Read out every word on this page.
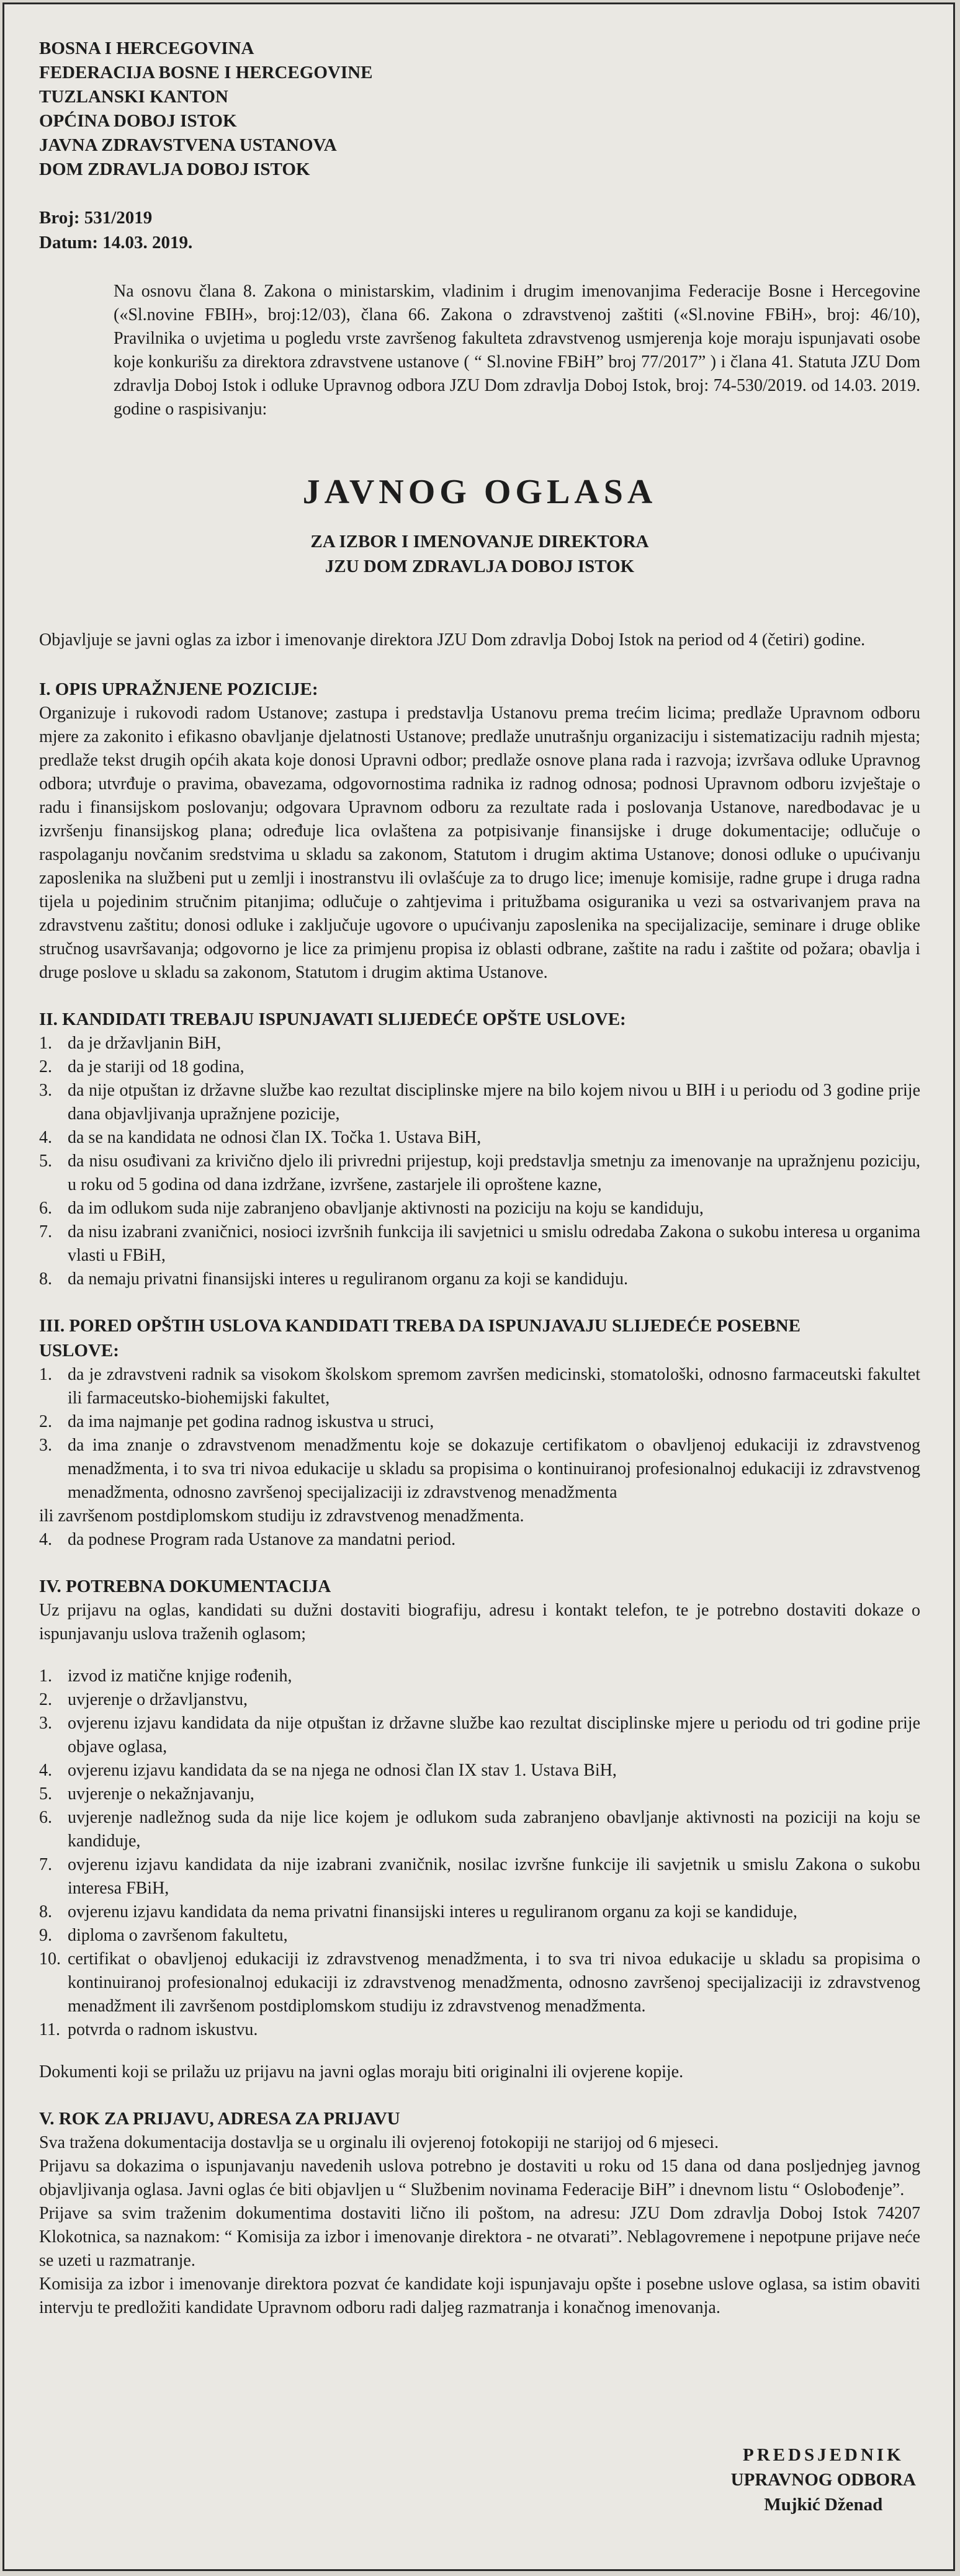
BOSNA I HERCEGOVINA
FEDERACIJA BOSNE I HERCEGOVINE
TUZLANSKI KANTON
OPĆINA DOBOJ ISTOK
JAVNA ZDRAVSTVENA USTANOVA
DOM ZDRAVLJA DOBOJ ISTOK
Broj: 531/2019
Datum: 14.03. 2019.

Na osnovu člana 8. Zakona o ministarskim, vladinim i drugim imenovanjima Federacije Bosne i Hercegovine («Sl.novine FBIH», broj:12/03), člana 66. Zakona o zdravstvenoj zaštiti («Sl.novine FBiH», broj: 46/10), Pravilnika o uvjetima u pogledu vrste završenog fakulteta zdravstvenog usmjerenja koje moraju ispunjavati osobe koje konkurišu za direktora zdravstvene ustanove ( “ Sl.novine FBiH” broj 77/2017” ) i člana 41. Statuta JZU Dom zdravlja Doboj Istok i odluke Upravnog odbora JZU Dom zdravlja Doboj Istok, broj: 74-530/2019. od 14.03. 2019. godine o raspisivanju:

JAVNOG OGLASA
ZA IZBOR I IMENOVANJE DIREKTORA
JZU DOM ZDRAVLJA DOBOJ ISTOK

Objavljuje se javni oglas za izbor i imenovanje direktora JZU Dom zdravlja Doboj Istok na period od 4 (četiri) godine.

I. OPIS UPRAŽNJENE POZICIJE:

Organizuje i rukovodi radom Ustanove; zastupa i predstavlja Ustanovu prema trećim licima; predlaže Upravnom odboru mjere za zakonito i efikasno obavljanje djelatnosti Ustanove; predlaže unutrašnju organizaciju i sistematizaciju radnih mjesta; predlaže tekst drugih općih akata koje donosi Upravni odbor; predlaže osnove plana rada i razvoja; izvršava odluke Upravnog odbora; utvrđuje o pravima, obavezama, odgovornostima radnika iz radnog odnosa; podnosi Upravnom odboru izvještaje o radu i finansijskom poslovanju; odgovara Upravnom odboru za rezultate rada i poslovanja Ustanove, naredbodavac je u izvršenju finansijskog plana; određuje lica ovlaštena za potpisivanje finansijske i druge dokumentacije; odlučuje o raspolaganju novčanim sredstvima u skladu sa zakonom, Statutom i drugim aktima Ustanove; donosi odluke o upućivanju zaposlenika na službeni put u zemlji i inostranstvu ili ovlašćuje za to drugo lice; imenuje komisije, radne grupe i druga radna tijela u pojedinim stručnim pitanjima; odlučuje o zahtjevima i pritužbama osiguranika u vezi sa ostvarivanjem prava na zdravstvenu zaštitu; donosi odluke i zaključuje ugovore o upućivanju zaposlenika na specijalizacije, seminare i druge oblike stručnog usavršavanja; odgovorno je lice za primjenu propisa iz oblasti odbrane, zaštite na radu i zaštite od požara; obavlja i druge poslove u skladu sa zakonom, Statutom i drugim aktima Ustanove.

II. KANDIDATI TREBAJU ISPUNJAVATI SLIJEDEĆE OPŠTE USLOVE:
1. da je državljanin BiH,
2. da je stariji od 18 godina,
3. da nije otpuštan iz državne službe kao rezultat disciplinske mjere na bilo kojem nivou u BIH i u periodu od 3 godine prije dana objavljivanja upražnjene pozicije,
4. da se na kandidata ne odnosi član IX. Točka 1. Ustava BiH,
5. da nisu osuđivani za krivično djelo ili privredni prijestup, koji predstavlja smetnju za imenovanje na upražnjenu poziciju, u roku od 5 godina od dana izdržane, izvršene, zastarjele ili oproštene kazne,
6. da im odlukom suda nije zabranjeno obavljanje aktivnosti na poziciju na koju se kandiduju,
7. da nisu izabrani zvaničnici, nosioci izvršnih funkcija ili savjetnici u smislu odredaba Zakona o sukobu interesa u organima vlasti u FBiH,
8. da nemaju privatni finansijski interes u reguliranom organu za koji se kandiduju.
III. PORED OPŠTIH USLOVA KANDIDATI TREBA DA ISPUNJAVAJU SLIJEDEĆE POSEBNE
USLOVE:
1. da je zdravstveni radnik sa visokom školskom spremom završen medicinski, stomatološki, odnosno farmaceutski fakultet ili farmaceutsko-biohemijski fakultet,
2. da ima najmanje pet godina radnog iskustva u struci,
3. da ima znanje o zdravstvenom menadžmentu koje se dokazuje certifikatom o obavljenoj edukaciji iz zdravstvenog menadžmenta, i to sva tri nivoa edukacije u skladu sa propisima o kontinuiranoj profesionalnoj edukaciji iz zdravstvenog menadžmenta, odnosno završenoj specijalizaciji iz zdravstvenog menadžmenta

ili završenom postdiplomskom studiju iz zdravstvenog menadžmenta.

4. da podnese Program rada Ustanove za mandatni period.
IV. POTREBNA DOKUMENTACIJA

Uz prijavu na oglas, kandidati su dužni dostaviti biografiju, adresu i kontakt telefon, te je potrebno dostaviti dokaze o ispunjavanju uslova traženih oglasom;

1. izvod iz matične knjige rođenih,
2. uvjerenje o državljanstvu,
3. ovjerenu izjavu kandidata da nije otpuštan iz državne službe kao rezultat disciplinske mjere u periodu od tri godine prije objave oglasa,
4. ovjerenu izjavu kandidata da se na njega ne odnosi član IX stav 1. Ustava BiH,
5. uvjerenje o nekažnjavanju,
6. uvjerenje nadležnog suda da nije lice kojem je odlukom suda zabranjeno obavljanje aktivnosti na poziciji na koju se kandiduje,
7. ovjerenu izjavu kandidata da nije izabrani zvaničnik, nosilac izvršne funkcije ili savjetnik u smislu Zakona o sukobu interesa FBiH,
8. ovjerenu izjavu kandidata da nema privatni finansijski interes u reguliranom organu za koji se kandiduje,
9. diploma o završenom fakultetu,
10. certifikat o obavljenoj edukaciji iz zdravstvenog menadžmenta, i to sva tri nivoa edukacije u skladu sa propisima o kontinuiranoj profesionalnoj edukaciji iz zdravstvenog menadžmenta, odnosno završenoj specijalizaciji iz zdravstvenog menadžment ili završenom postdiplomskom studiju iz zdravstvenog menadžmenta.
11. potvrda o radnom iskustvu.

Dokumenti koji se prilažu uz prijavu na javni oglas moraju biti originalni ili ovjerene kopije.

V. ROK ZA PRIJAVU, ADRESA ZA PRIJAVU

Sva tražena dokumentacija dostavlja se u orginalu ili ovjerenoj fotokopiji ne starijoj od 6 mjeseci.

Prijavu sa dokazima o ispunjavanju navedenih uslova potrebno je dostaviti u roku od 15 dana od dana posljednjeg javnog objavljivanja oglasa. Javni oglas će biti objavljen u “ Službenim novinama Federacije BiH” i dnevnom listu “ Oslobođenje”.

Prijave sa svim traženim dokumentima dostaviti lično ili poštom, na adresu: JZU Dom zdravlja Doboj Istok 74207 Klokotnica, sa naznakom: “ Komisija za izbor i imenovanje direktora - ne otvarati”. Neblagovremene i nepotpune prijave neće se uzeti u razmatranje.

Komisija za izbor i imenovanje direktora pozvat će kandidate koji ispunjavaju opšte i posebne uslove oglasa, sa istim obaviti intervju te predložiti kandidate Upravnom odboru radi daljeg razmatranja i konačnog imenovanja.

PREDSJEDNIK
UPRAVNOG ODBORA
Mujkić Dženad
